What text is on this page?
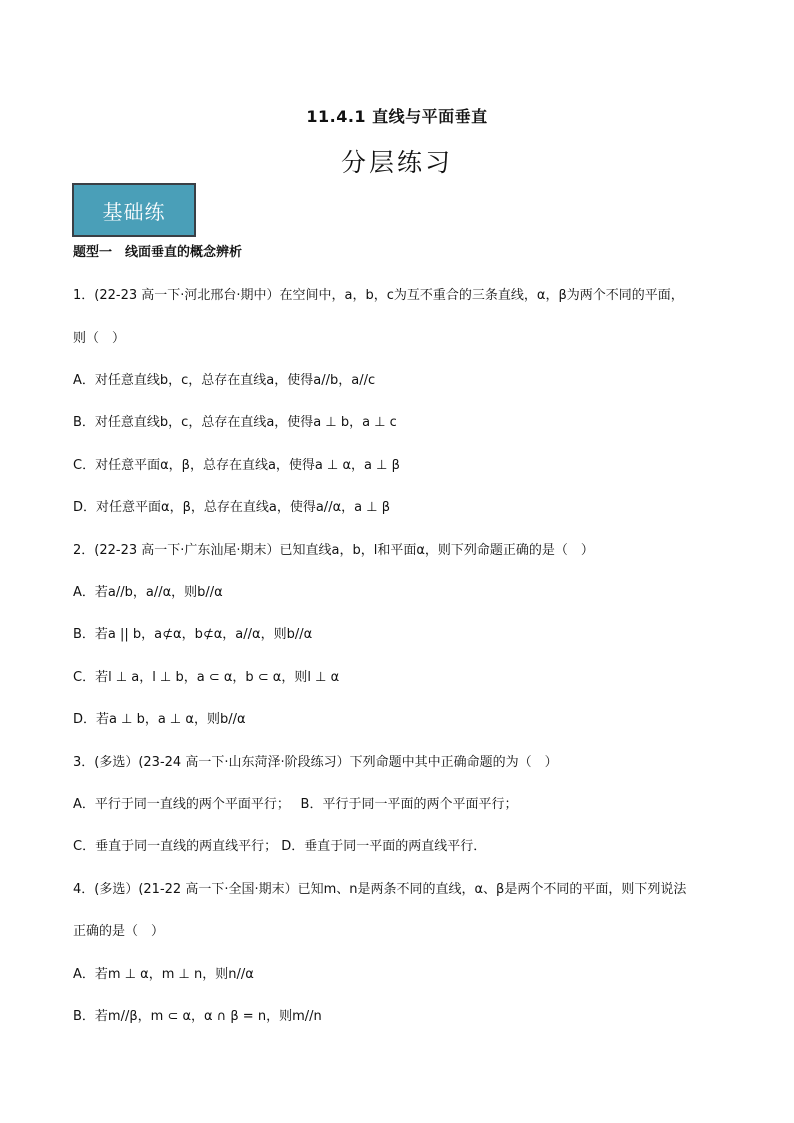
11.4.1 直线与平面垂直
分层练习
基础练
题型一　线面垂直的概念辨析
1．(22-23 高一下·河北邢台·期中）在空间中，a，b，c为互不重合的三条直线，α，β为两个不同的平面，
则（　）
A．对任意直线b，c，总存在直线a，使得a//b，a//c
B．对任意直线b，c，总存在直线a，使得a ⊥ b，a ⊥ c
C．对任意平面α，β，总存在直线a，使得a ⊥ α，a ⊥ β
D．对任意平面α，β，总存在直线a，使得a//α，a ⊥ β
2．(22-23 高一下·广东汕尾·期末）已知直线a，b，l和平面α，则下列命题正确的是（　）
A．若a//b，a//α，则b//α
B．若a || b，a⊄α，b⊄α，a//α，则b//α
C．若l ⊥ a，l ⊥ b，a ⊂ α，b ⊂ α，则l ⊥ α
D．若a ⊥ b，a ⊥ α，则b//α
3．(多选）(23-24 高一下·山东菏泽·阶段练习）下列命题中其中正确命题的为（　）
A．平行于同一直线的两个平面平行；　 B．平行于同一平面的两个平面平行；
C．垂直于同一直线的两直线平行； D．垂直于同一平面的两直线平行．
4．(多选）(21-22 高一下·全国·期末）已知m、n是两条不同的直线，α、β是两个不同的平面，则下列说法
正确的是（　）
A．若m ⊥ α，m ⊥ n，则n//α
B．若m//β，m ⊂ α，α ∩ β = n，则m//n
